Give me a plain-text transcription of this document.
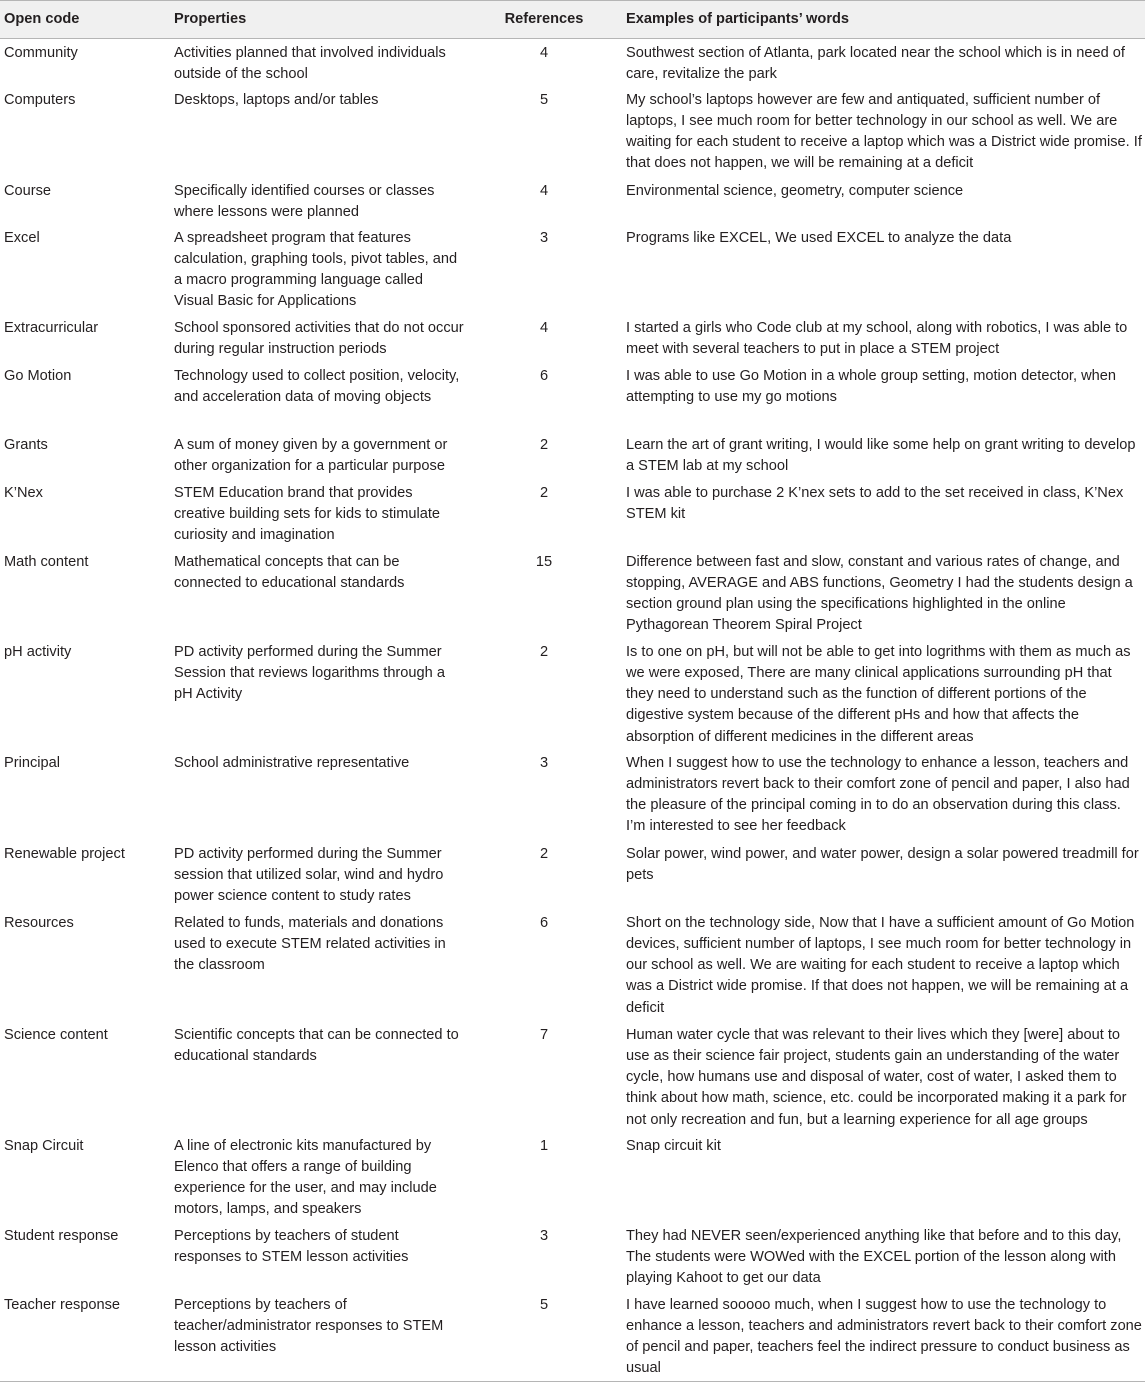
Open code	Properties	References	Examples of participants’ words
Community	Activities planned that involved individuals outside of the school	4	Southwest section of Atlanta, park located near the school which is in need of care, revitalize the park
Computers	Desktops, laptops and/or tables	5	My school’s laptops however are few and antiquated, sufficient number of laptops, I see much room for better technology in our school as well. We are waiting for each student to receive a laptop which was a District wide promise. If that does not happen, we will be remaining at a deficit
Course	Specifically identified courses or classes where lessons were planned	4	Environmental science, geometry, computer science
Excel	A spreadsheet program that features calculation, graphing tools, pivot tables, and a macro programming language called Visual Basic for Applications	3	Programs like EXCEL, We used EXCEL to analyze the data
Extracurricular	School sponsored activities that do not occur during regular instruction periods	4	I started a girls who Code club at my school, along with robotics, I was able to meet with several teachers to put in place a STEM project
Go Motion	Technology used to collect position, velocity, and acceleration data of moving objects	6	I was able to use Go Motion in a whole group setting, motion detector, when attempting to use my go motions
Grants	A sum of money given by a government or other organization for a particular purpose	2	Learn the art of grant writing, I would like some help on grant writing to develop a STEM lab at my school
K’Nex	STEM Education brand that provides creative building sets for kids to stimulate curiosity and imagination	2	I was able to purchase 2 K’nex sets to add to the set received in class, K’Nex STEM kit
Math content	Mathematical concepts that can be connected to educational standards	15	Difference between fast and slow, constant and various rates of change, and stopping, AVERAGE and ABS functions, Geometry I had the students design a section ground plan using the specifications highlighted in the online Pythagorean Theorem Spiral Project
pH activity	PD activity performed during the Summer Session that reviews logarithms through a pH Activity	2	Is to one on pH, but will not be able to get into logrithms with them as much as we were exposed, There are many clinical applications surrounding pH that they need to understand such as the function of different portions of the digestive system because of the different pHs and how that affects the absorption of different medicines in the different areas
Principal	School administrative representative	3	When I suggest how to use the technology to enhance a lesson, teachers and administrators revert back to their comfort zone of pencil and paper, I also had the pleasure of the principal coming in to do an observation during this class. I’m interested to see her feedback
Renewable project	PD activity performed during the Summer session that utilized solar, wind and hydro power science content to study rates	2	Solar power, wind power, and water power, design a solar powered treadmill for pets
Resources	Related to funds, materials and donations used to execute STEM related activities in the classroom	6	Short on the technology side, Now that I have a sufficient amount of Go Motion devices, sufficient number of laptops, I see much room for better technology in our school as well. We are waiting for each student to receive a laptop which was a District wide promise. If that does not happen, we will be remaining at a deficit
Science content	Scientific concepts that can be connected to educational standards	7	Human water cycle that was relevant to their lives which they [were] about to use as their science fair project, students gain an understanding of the water cycle, how humans use and disposal of water, cost of water, I asked them to think about how math, science, etc. could be incorporated making it a park for not only recreation and fun, but a learning experience for all age groups
Snap Circuit	A line of electronic kits manufactured by Elenco that offers a range of building experience for the user, and may include motors, lamps, and speakers	1	Snap circuit kit
Student response	Perceptions by teachers of student responses to STEM lesson activities	3	They had NEVER seen/experienced anything like that before and to this day, The students were WOWed with the EXCEL portion of the lesson along with playing Kahoot to get our data
Teacher response	Perceptions by teachers of teacher/administrator responses to STEM lesson activities	5	I have learned sooooo much, when I suggest how to use the technology to enhance a lesson, teachers and administrators revert back to their comfort zone of pencil and paper, teachers feel the indirect pressure to conduct business as usual
